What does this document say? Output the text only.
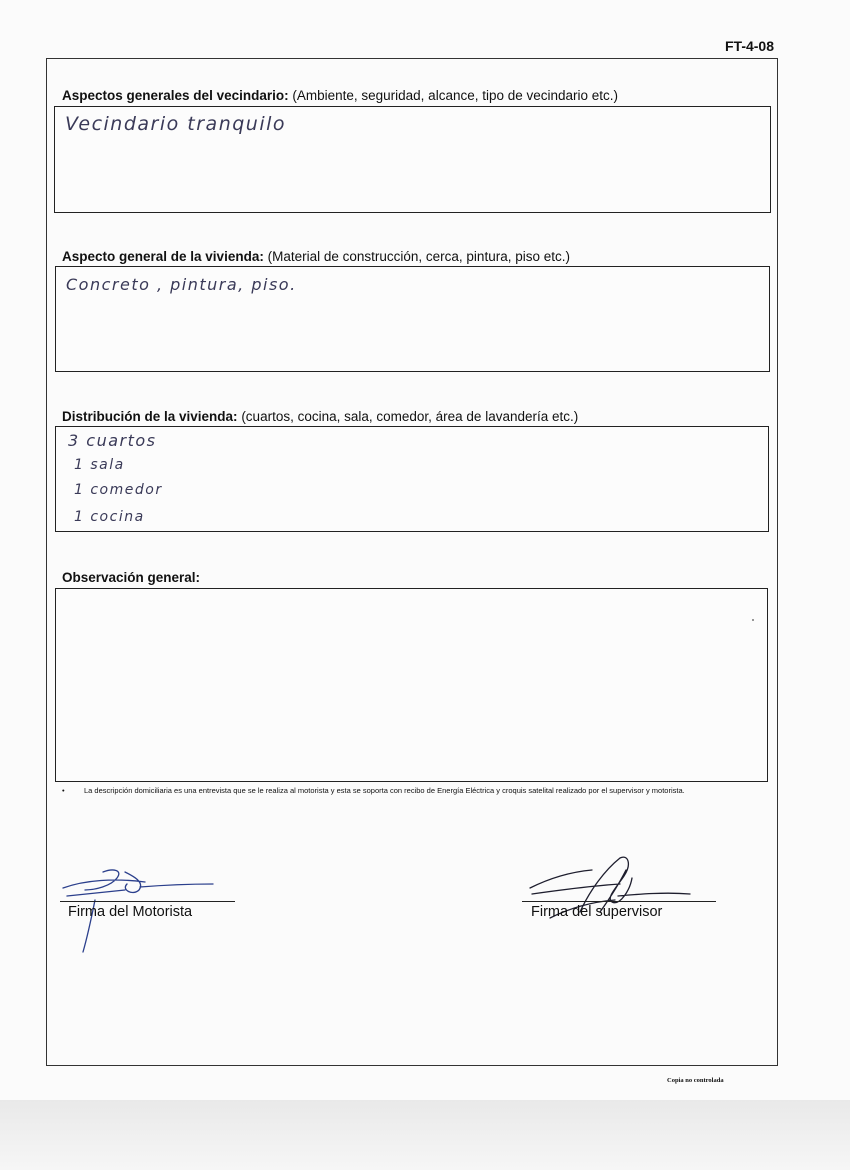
FT-4-08
Aspectos generales del vecindario: (Ambiente, seguridad, alcance, tipo de vecindario etc.)
Vecindario tranquilo
Aspecto general de la vivienda: (Material de construcción, cerca, pintura, piso etc.)
Concreto , pintura, piso.
Distribución de la vivienda: (cuartos, cocina, sala, comedor, área de lavandería etc.)
3 cuartos
1 sala
1 comedor
1 cocina
Observación general:
•	La descripción domiciliaria es una entrevista que se le realiza al motorista y esta se soporta con recibo de Energía Eléctrica y croquis satelital realizado por el supervisor y motorista.
Firma del Motorista	Firma del supervisor
Copia no controlada
